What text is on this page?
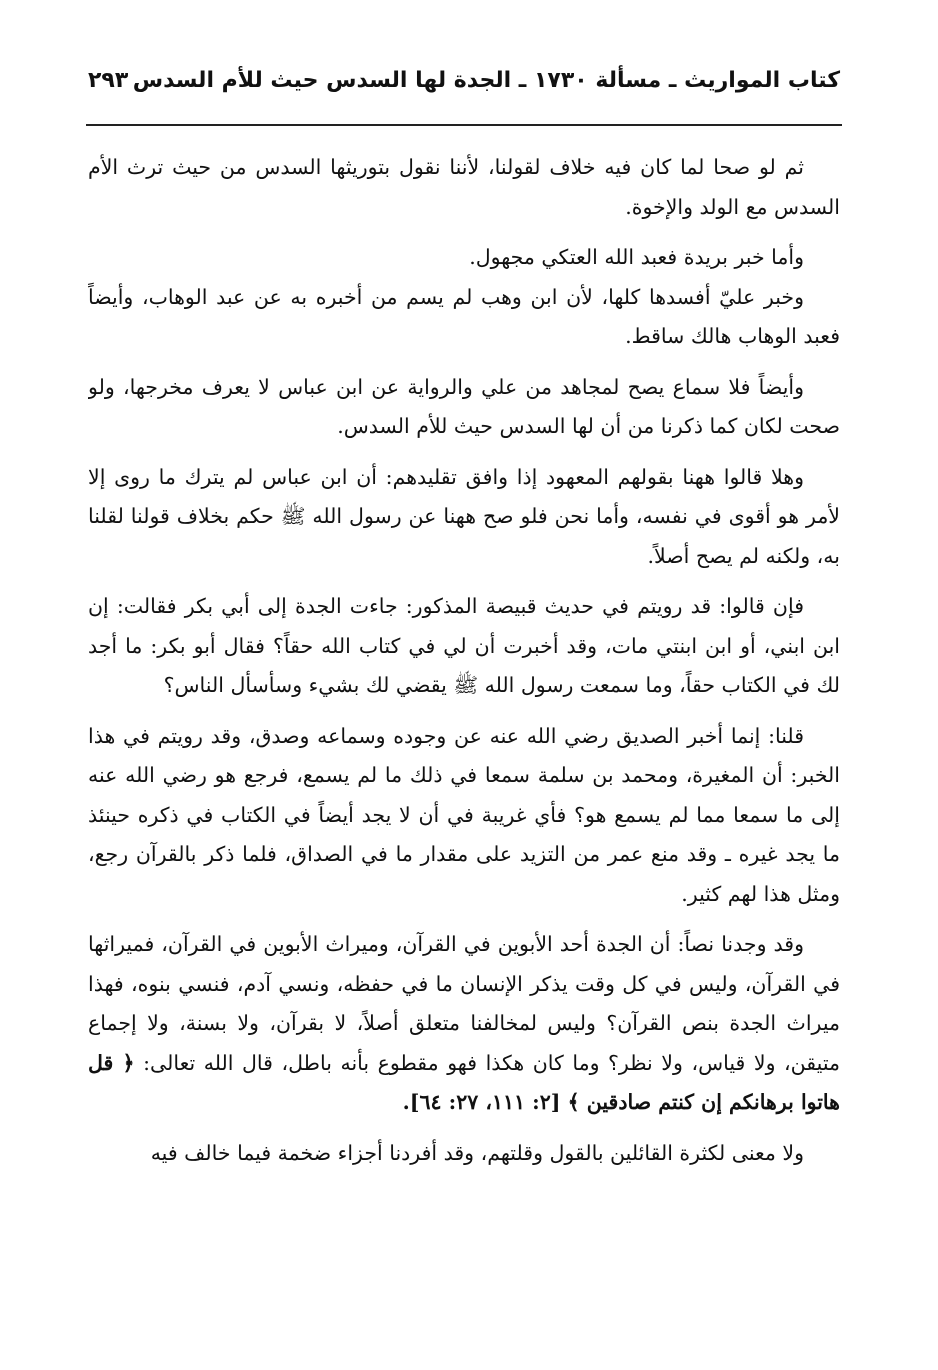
كتاب المواريث ـ مسألة ١٧٣٠ ـ الجدة لها السدس حيث للأم السدس
٢٩٣

ثم لو صحا لما كان فيه خلاف لقولنا، لأننا نقول بتوريثها السدس من حيث ترث الأم السدس مع الولد والإخوة.

وأما خبر بريدة فعبد الله العتكي مجهول.

وخبر عليّ أفسدها كلها، لأن ابن وهب لم يسم من أخبره به عن عبد الوهاب، وأيضاً فعبد الوهاب هالك ساقط.

وأيضاً فلا سماع يصح لمجاهد من علي والرواية عن ابن عباس لا يعرف مخرجها، ولو صحت لكان كما ذكرنا من أن لها السدس حيث للأم السدس.

وهلا قالوا ههنا بقولهم المعهود إذا وافق تقليدهم: أن ابن عباس لم يترك ما روى إلا لأمر هو أقوى في نفسه، وأما نحن فلو صح ههنا عن رسول الله ﷺ حكم بخلاف قولنا لقلنا به، ولكنه لم يصح أصلاً.

فإن قالوا: قد رويتم في حديث قبيصة المذكور: جاءت الجدة إلى أبي بكر فقالت: إن ابن ابني، أو ابن ابنتي مات، وقد أخبرت أن لي في كتاب الله حقاً؟ فقال أبو بكر: ما أجد لك في الكتاب حقاً، وما سمعت رسول الله ﷺ يقضي لك بشيء وسأسأل الناس؟

قلنا: إنما أخبر الصديق رضي الله عنه عن وجوده وسماعه وصدق، وقد رويتم في هذا الخبر: أن المغيرة، ومحمد بن سلمة سمعا في ذلك ما لم يسمع، فرجع هو رضي الله عنه إلى ما سمعا مما لم يسمع هو؟ فأي غريبة في أن لا يجد أيضاً في الكتاب في ذكره حينئذ ما يجد غيره ـ وقد منع عمر من التزيد على مقدار ما في الصداق، فلما ذكر بالقرآن رجع، ومثل هذا لهم كثير.

وقد وجدنا نصاً: أن الجدة أحد الأبوين في القرآن، وميراث الأبوين في القرآن، فميراثها في القرآن، وليس في كل وقت يذكر الإنسان ما في حفظه، ونسي آدم، فنسي بنوه، فهذا ميراث الجدة بنص القرآن؟ وليس لمخالفنا متعلق أصلاً، لا بقرآن، ولا بسنة، ولا إجماع متيقن، ولا قياس، ولا نظر؟ وما كان هكذا فهو مقطوع بأنه باطل، قال الله تعالى: ﴿ قل هاتوا برهانكم إن كنتم صادقين ﴾ [٢: ١١١، ٢٧: ٦٤].

ولا معنى لكثرة القائلين بالقول وقلتهم، وقد أفردنا أجزاء ضخمة فيما خالف فيه
